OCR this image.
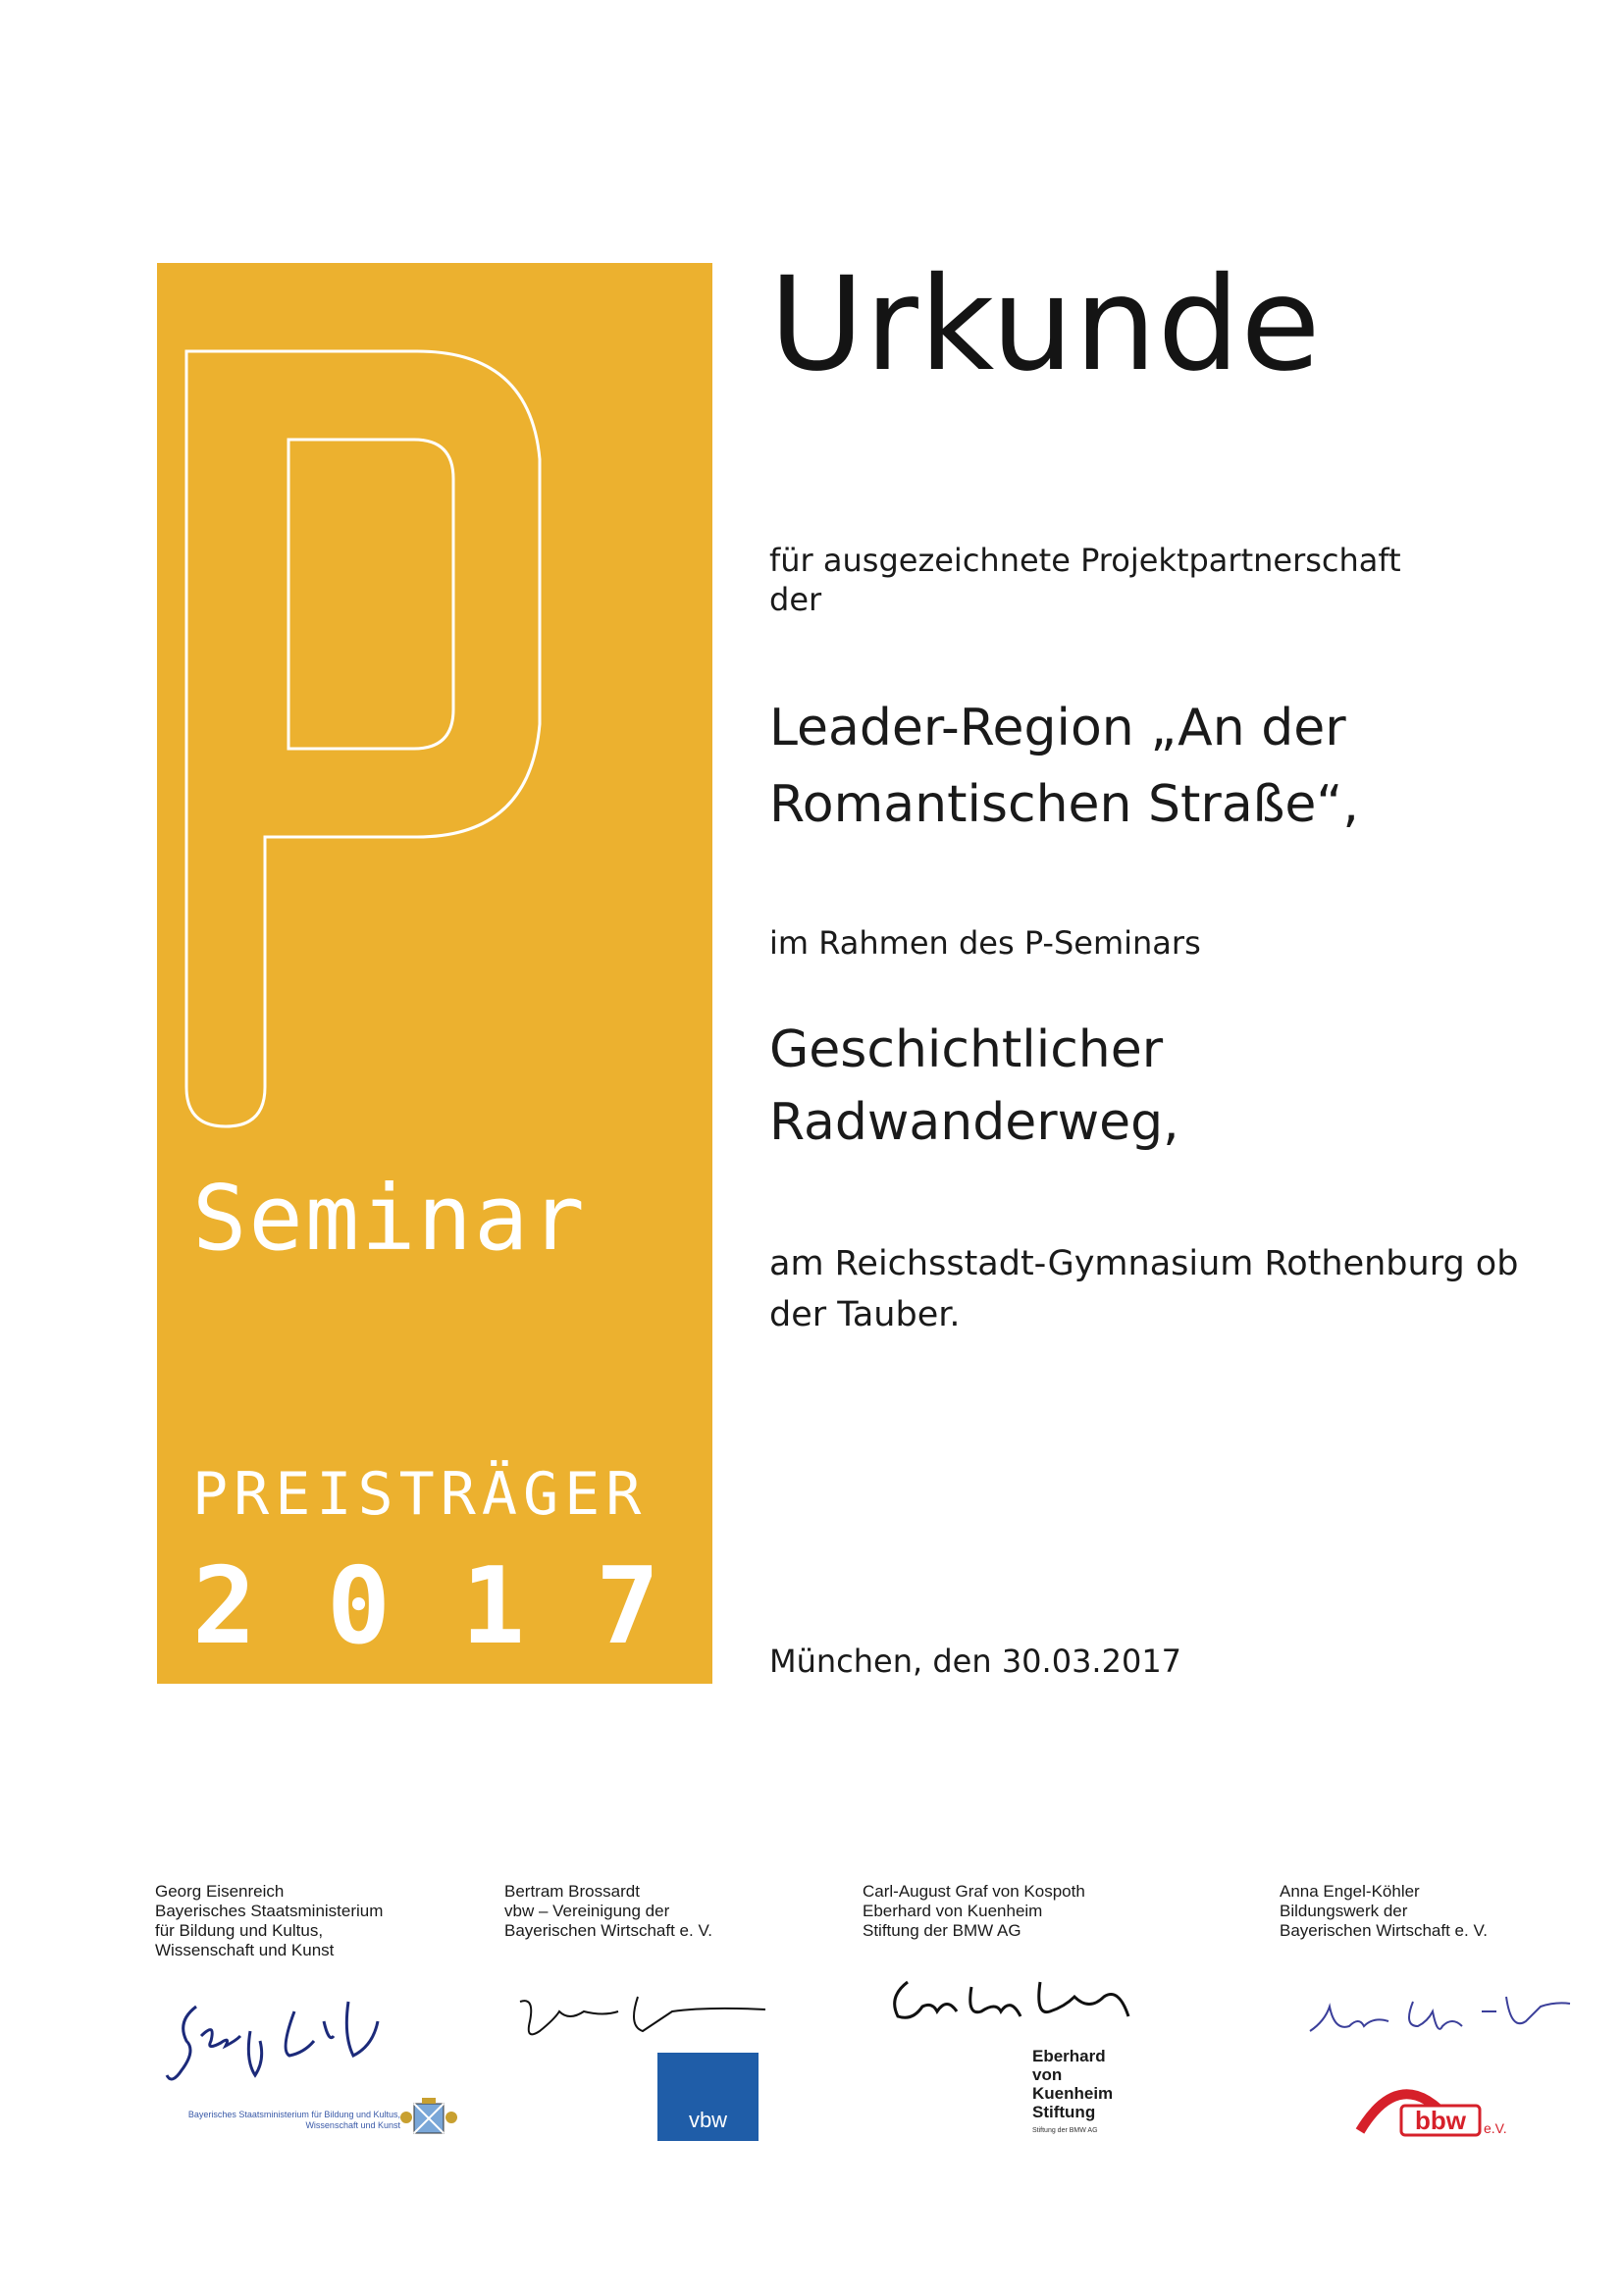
Seminar
PREISTRÄGER
2017
Urkunde
für ausgezeichnete Projektpartnerschaft
der
Leader-Region „An der
Romantischen Straße“,
im Rahmen des P-Seminars
Geschichtlicher
Radwanderweg,
am Reichsstadt-Gymnasium Rothenburg ob
der Tauber.
München, den 30.03.2017
Georg Eisenreich
Bayerisches Staatsministerium
für Bildung und Kultus,
Wissenschaft und Kunst
Bayerisches Staatsministerium für Bildung und Kultus, Wissenschaft und Kunst
Bertram Brossardt
vbw – Vereinigung der
Bayerischen Wirtschaft e. V.
vbw
Carl-August Graf von Kospoth
Eberhard von Kuenheim
Stiftung der BMW AG
Eberhard
von
Kuenheim
Stiftung
Stiftung der BMW AG
Anna Engel-Köhler
Bildungswerk der
Bayerischen Wirtschaft e. V.
bbw e.V.
